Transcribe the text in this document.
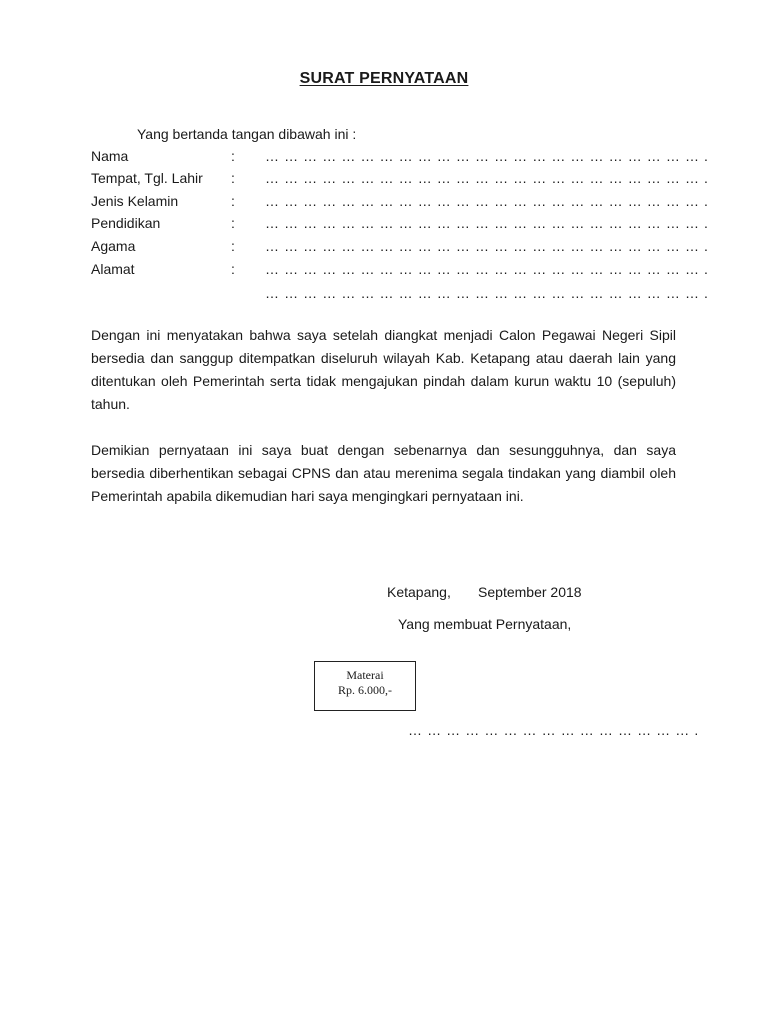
SURAT PERNYATAAN
Yang bertanda tangan dibawah ini :
Nama	: … … … … … … … … … … … … … … … … … … … … … … … .
Tempat, Tgl. Lahir : … … … … … … … … … … … … … … … … … … … … … … … .
Jenis Kelamin	: … … … … … … … … … … … … … … … … … … … … … … … .
Pendidikan	: … … … … … … … … … … … … … … … … … … … … … … … .
Agama	: … … … … … … … … … … … … … … … … … … … … … … … .
Alamat	: … … … … … … … … … … … … … … … … … … … … … … … .
… … … … … … … … … … … … … … … … … … … … … … … .
Dengan ini menyatakan bahwa saya setelah diangkat menjadi Calon Pegawai Negeri Sipil bersedia dan sanggup ditempatkan diseluruh wilayah Kab. Ketapang atau daerah lain yang ditentukan oleh Pemerintah serta tidak mengajukan pindah dalam kurun waktu 10 (sepuluh) tahun.
Demikian pernyataan ini saya buat dengan sebenarnya dan sesungguhnya, dan saya bersedia diberhentikan sebagai CPNS dan atau merenima segala tindakan yang diambil oleh Pemerintah apabila dikemudian hari saya mengingkari pernyataan ini.
Ketapang,       September 2018
Yang membuat Pernyataan,
Materai
Rp. 6.000,-
… … … … … … … … … … … … … … … .
